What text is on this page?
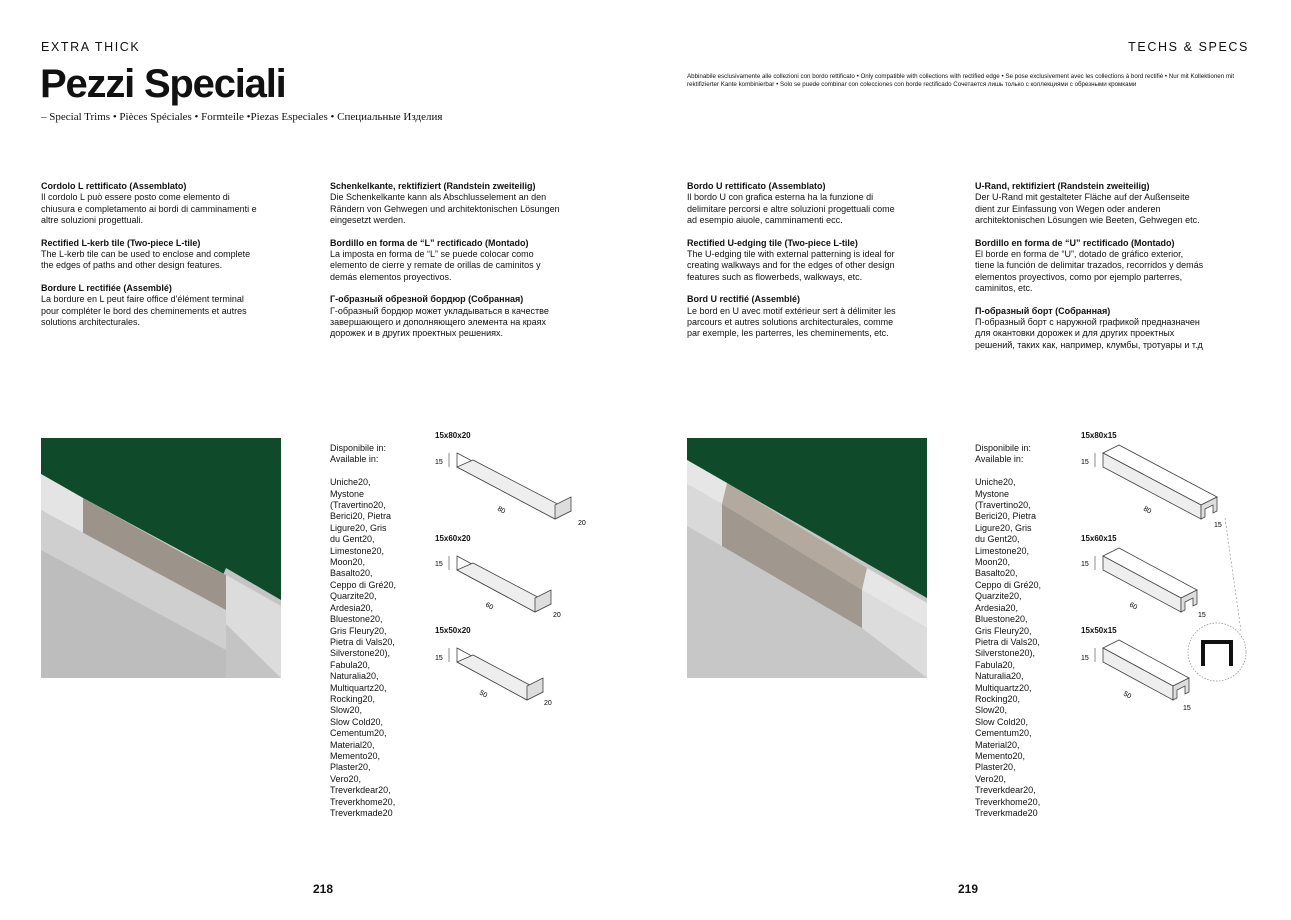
EXTRA THICK	TECHS & SPECS
Pezzi Speciali
– Special Trims • Pièces Spéciales • Formteile •Piezas Especiales • Специальные Изделия
Abbinabile esclusivamente alle collezioni con bordo rettificato • Only compatible with collections with rectified edge • Se pose exclusivement avec les collections à bord rectifié • Nur mit Kollektionen mit rektifizierter Kante kombinierbar • Solo se puede combinar con colecciones con borde rectificado Сочетается лишь только с коллекциями с обрезными кромками
Cordolo L rettificato (Assemblato)
Il cordolo L può essere posto come elemento di
chiusura e completamento ai bordi di camminamenti e
altre soluzioni progettuali.
Rectified L-kerb tile (Two-piece L-tile)
The L-kerb tile can be used to enclose and complete
the edges of paths and other design features.
Bordure L rectifiée (Assemblé)
La bordure en L peut faire office d'élément terminal
pour compléter le bord des cheminements et autres
solutions architecturales.
Schenkelkante, rektifiziert (Randstein zweiteilig)
Die Schenkelkante kann als Abschlusselement an den
Rändern von Gehwegen und architektonischen Lösungen
eingesetzt werden.
Bordillo en forma de “L” rectificado (Montado)
La imposta en forma de “L” se puede colocar como
elemento de cierre y remate de orillas de caminitos y
demás elementos proyectivos.
Г-образный обрезной бордюр (Собранная)
Г-образный бордюр может укладываться в качестве
завершающего и дополняющего элемента на краях
дорожек и в других проектных решениях.
Bordo U rettificato (Assemblato)
Il bordo U con grafica esterna ha la funzione di
delimitare percorsi e altre soluzioni progettuali come
ad esempio aiuole, camminamenti ecc.
Rectified U-edging tile (Two-piece L-tile)
The U-edging tile with external patterning is ideal for
creating walkways and for the edges of other design
features such as flowerbeds, walkways, etc.
Bord U rectifié (Assemblé)
Le bord en U avec motif extérieur sert à délimiter les
parcours et autres solutions architecturales, comme
par exemple, les parterres, les cheminements, etc.
U-Rand, rektifiziert (Randstein zweiteilig)
Der U-Rand mit gestalteter Fläche auf der Außenseite
dient zur Einfassung von Wegen oder anderen
architektonischen Lösungen wie Beeten, Gehwegen etc.
Bordillo en forma de “U” rectificado (Montado)
El borde en forma de “U”, dotado de gráfico exterior,
tiene la función de delimitar trazados, recorridos y demás
elementos proyectivos, como por ejemplo parterres,
caminitos, etc.
П-образный борт (Собранная)
П-образный борт с наружной графикой предназначен
для окантовки дорожек и для других проектных
решений, таких как, например, клумбы, тротуары и т.д
Disponibile in:
Available in:

Uniche20,
Mystone
(Travertino20,
Berici20, Pietra
Ligure20, Gris
du Gent20,
Limestone20,
Moon20,
Basalto20,
Ceppo di Gré20,
Quarzite20,
Ardesia20,
Bluestone20,
Gris Fleury20,
Pietra di Vals20,
Silverstone20),
Fabula20,
Naturalia20,
Multiquartz20,
Rocking20,
Slow20,
Slow Cold20,
Cementum20,
Material20,
Memento20,
Plaster20,
Vero20,
Treverkdear20,
Treverkhome20,
Treverkmade20
Disponibile in:
Available in:

Uniche20,
Mystone
(Travertino20,
Berici20, Pietra
Ligure20, Gris
du Gent20,
Limestone20,
Moon20,
Basalto20,
Ceppo di Gré20,
Quarzite20,
Ardesia20,
Bluestone20,
Gris Fleury20,
Pietra di Vals20,
Silverstone20),
Fabula20,
Naturalia20,
Multiquartz20,
Rocking20,
Slow20,
Slow Cold20,
Cementum20,
Material20,
Memento20,
Plaster20,
Vero20,
Treverkdear20,
Treverkhome20,
Treverkmade20
15x80x20
15
80
20
15x60x20
15
60
20
15x50x20
15
50
20
15x80x15
15
80
15
15x60x15
15
60
15
15x50x15
15
50
15
218	219
